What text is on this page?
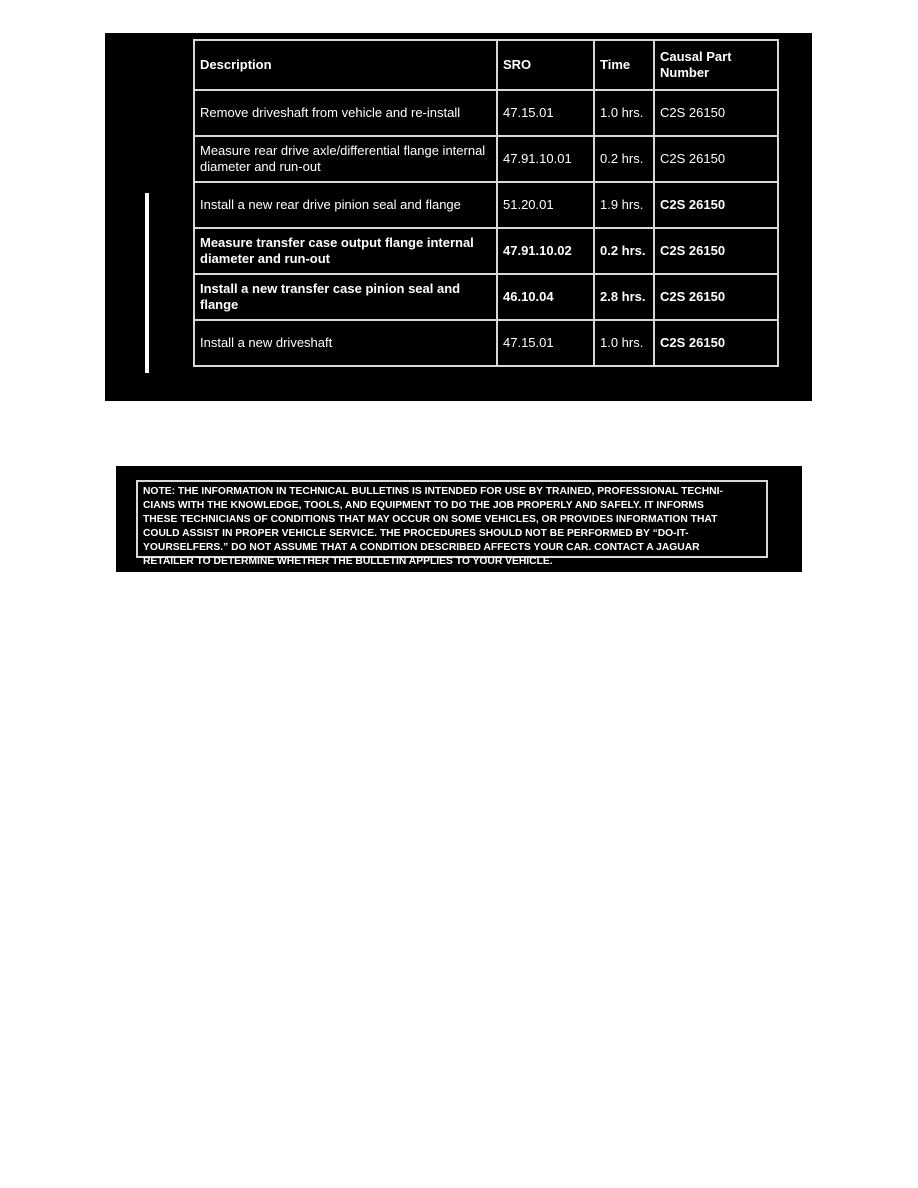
Description	SRO	Time	Causal Part
Number
Remove driveshaft from vehicle and re-install	47.15.01	1.0 hrs.	C2S 26150
Measure rear drive axle/differential flange internal diameter and run-out	47.91.10.01	0.2 hrs.	C2S 26150
Install a new rear drive pinion seal and flange	51.20.01	1.9 hrs.	C2S 26150
Measure transfer case output flange internal diameter and run-out	47.91.10.02	0.2 hrs.	C2S 26150
Install a new transfer case pinion seal and flange	46.10.04	2.8 hrs.	C2S 26150
Install a new driveshaft	47.15.01	1.0 hrs.	C2S 26150
NOTE: THE INFORMATION IN TECHNICAL BULLETINS IS INTENDED FOR USE BY TRAINED, PROFESSIONAL TECHNI-
CIANS WITH THE KNOWLEDGE, TOOLS, AND EQUIPMENT TO DO THE JOB PROPERLY AND SAFELY. IT INFORMS
THESE TECHNICIANS OF CONDITIONS THAT MAY OCCUR ON SOME VEHICLES, OR PROVIDES INFORMATION THAT
COULD ASSIST IN PROPER VEHICLE SERVICE. THE PROCEDURES SHOULD NOT BE PERFORMED BY “DO-IT-
YOURSELFERS.” DO NOT ASSUME THAT A CONDITION DESCRIBED AFFECTS YOUR CAR. CONTACT A JAGUAR
RETAILER TO DETERMINE WHETHER THE BULLETIN APPLIES TO YOUR VEHICLE.
